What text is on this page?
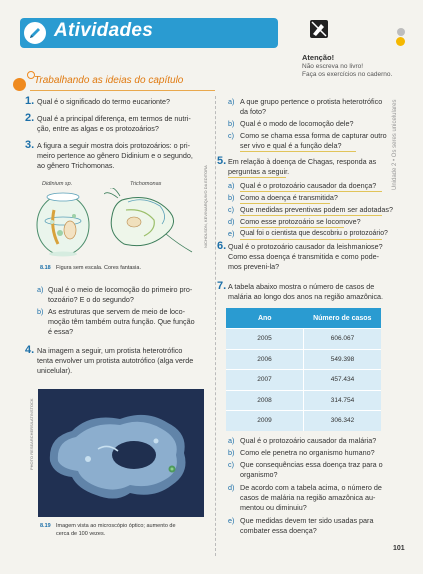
Atividades
Atenção!
Não escreva no livro!
Faça os exercícios no caderno.
Unidade 2 • Os seres unicelulares
Trabalhando as ideias do capítulo
1. Qual é o significado do termo eucarionte?
2. Qual é a principal diferença, em termos de nutri-
ção, entre as algas e os protozoários?
3. A figura a seguir mostra dois protozoários: o pri-
meiro pertence ao gênero Didinium e o segundo,
ao gênero Trichomonas.
Didinium sp.	Trichomonas	NICHOLSON, KEVIN/ARQUIVO DA EDITORA
8.18 Figura sem escala. Cores fantasia.
a) Qual é o meio de locomoção do primeiro pro-
tozoário? E o do segundo?
b) As estruturas que servem de meio de loco-
moção têm também outra função. Que função
é essa?
4. Na imagem a seguir, um protista heterotrófico
tenta envolver um protista autotrófico (alga verde
unicelular).
PHOTO RESEARCHERS/LATINSTOCK
8.19 Imagem vista ao microscópio óptico; aumento de
cerca de 100 vezes.
a) A que grupo pertence o protista heterotrófico
da foto?
b) Qual é o modo de locomoção dele?
c) Como se chama essa forma de capturar outro
ser vivo e qual é a função dela?
5. Em relação à doença de Chagas, responda as
perguntas a seguir.
a) Qual é o protozoário causador da doença?
b) Como a doença é transmitida?
c) Que medidas preventivas podem ser adotadas?
d) Como esse protozoário se locomove?
e) Qual foi o cientista que descobriu o protozoário?
6. Qual é o protozoário causador da leishmaniose?
Como essa doença é transmitida e como pode-
mos preveni-la?
7. A tabela abaixo mostra o número de casos de
malária ao longo dos anos na região amazônica.
Ano	Número de casos
2005	606.067
2006	549.398
2007	457.434
2008	314.754
2009	306.342
a) Qual é o protozoário causador da malária?
b) Como ele penetra no organismo humano?
c) Que consequências essa doença traz para o
organismo?
d) De acordo com a tabela acima, o número de
casos de malária na região amazônica au-
mentou ou diminuiu?
e) Que medidas devem ter sido usadas para
combater essa doença?
101
